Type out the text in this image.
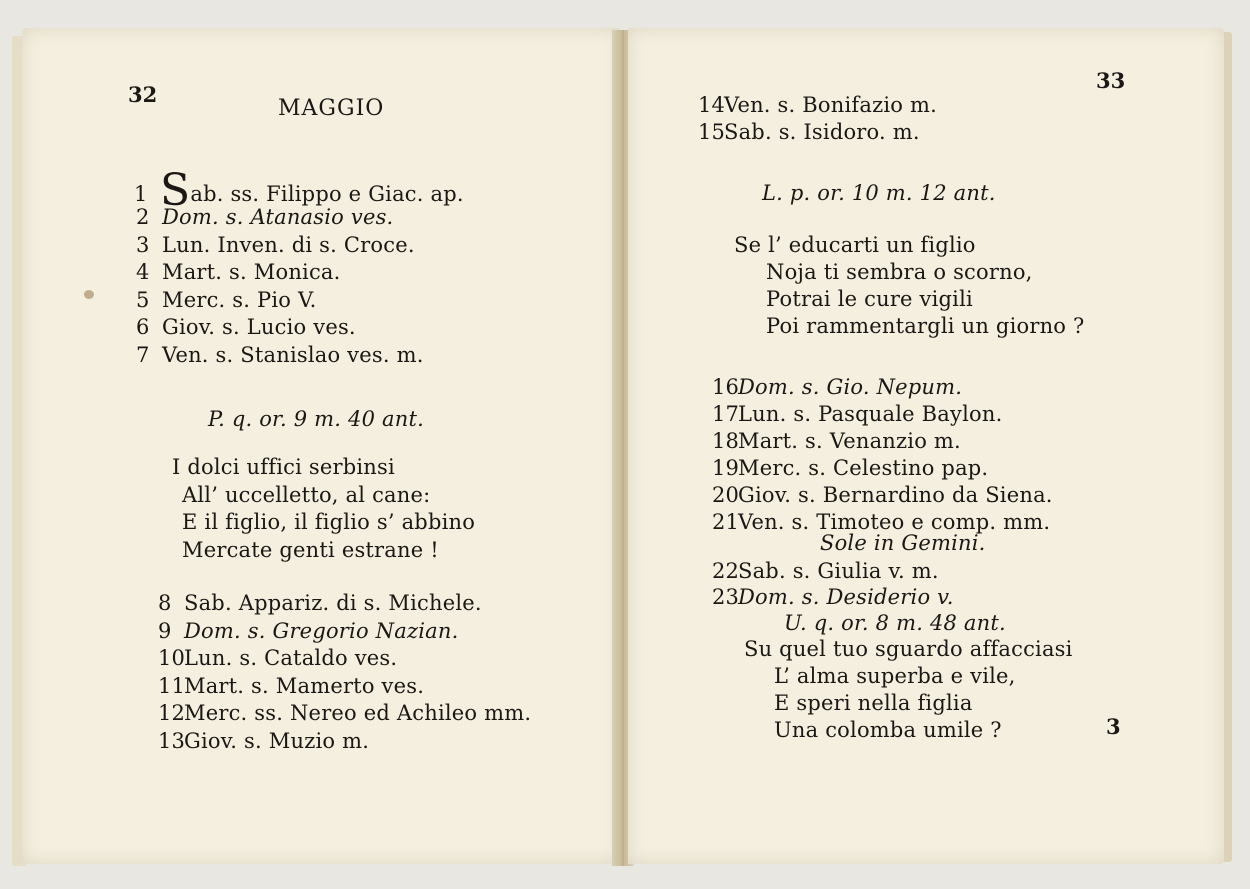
32
MAGGIO
1 Sab. ss. Filippo e Giac. ap.
2 Dom. s. Atanasio ves.
3 Lun. Inven. di s. Croce.
4 Mart. s. Monica.
5 Merc. s. Pio V.
6 Giov. s. Lucio ves.
7 Ven. s. Stanislao ves. m.
P. q. or. 9 m. 40 ant.
I dolci uffici serbinsi
All’ uccelletto, al cane:
E il figlio, il figlio s’ abbino
Mercate genti estrane !
8 Sab. Appariz. di s. Michele.
9 Dom. s. Gregorio Nazian.
10Lun. s. Cataldo ves.
11Mart. s. Mamerto ves.
12Merc. ss. Nereo ed Achileo mm.
13Giov. s. Muzio m.
33
14Ven. s. Bonifazio m.
15Sab. s. Isidoro. m.
L. p. or. 10 m. 12 ant.
Se l’ educarti un figlio
Noja ti sembra o scorno,
Potrai le cure vigili
Poi rammentargli un giorno ?
16Dom. s. Gio. Nepum.
17Lun. s. Pasquale Baylon.
18Mart. s. Venanzio m.
19Merc. s. Celestino pap.
20Giov. s. Bernardino da Siena.
21Ven. s. Timoteo e comp. mm.
Sole in Gemini.
22Sab. s. Giulia v. m.
23Dom. s. Desiderio v.
U. q. or. 8 m. 48 ant.
Su quel tuo sguardo affacciasi
L’ alma superba e vile,
E speri nella figlia
Una colomba umile ?	3
